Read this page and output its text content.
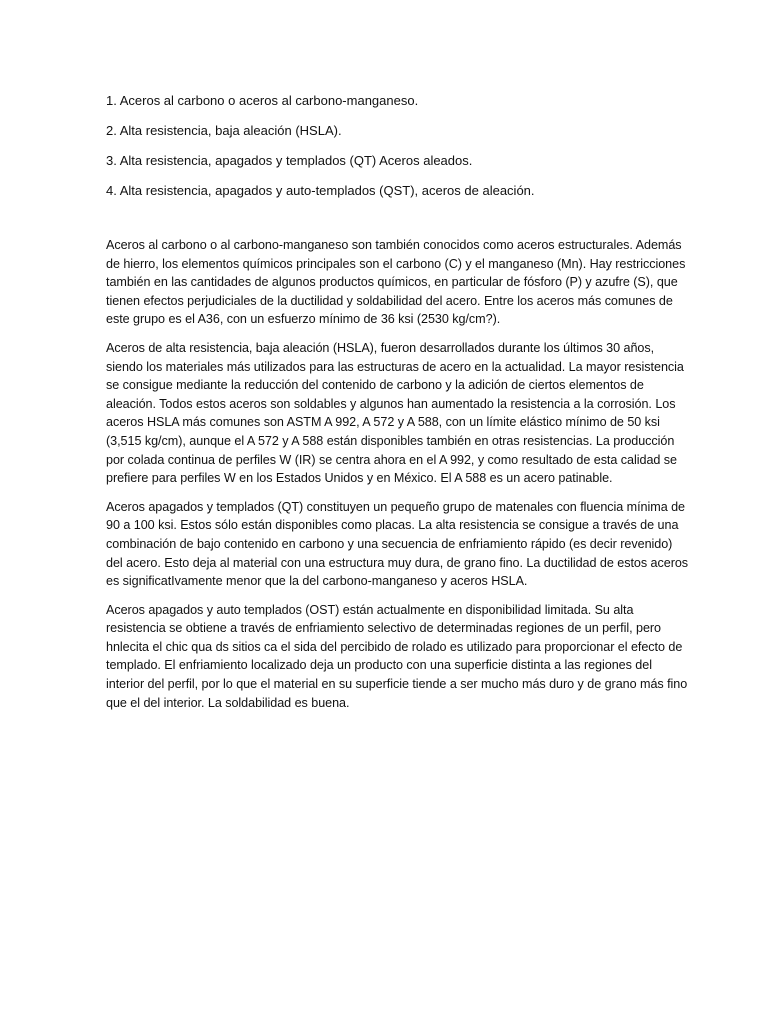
1. Aceros al carbono o aceros al carbono-manganeso.
2. Alta resistencia, baja aleación (HSLA).
3. Alta resistencia, apagados y templados (QT) Aceros aleados.
4. Alta resistencia, apagados y auto-templados (QST), aceros de aleación.

Aceros al carbono o al carbono-manganeso son también conocidos como aceros estructurales. Además de hierro, los elementos químicos principales son el carbono (C) y el manganeso (Mn). Hay restricciones también en las cantidades de algunos productos químicos, en particular de fósforo (P) y azufre (S), que tienen efectos perjudiciales de la ductilidad y soldabilidad del acero. Entre los aceros más comunes de este grupo es el A36, con un esfuerzo mínimo de 36 ksi (2530 kg/cm?).

Aceros de alta resistencia, baja aleación (HSLA), fueron desarrollados durante los últimos 30 años, siendo los materiales más utilizados para las estructuras de acero en la actualidad. La mayor resistencia se consigue mediante la reducción del contenido de carbono y la adición de ciertos elementos de aleación. Todos estos aceros son soldables y algunos han aumentado la resistencia a la corrosión. Los aceros HSLA más comunes son ASTM A 992, A 572 y A 588, con un límite elástico mínimo de 50 ksi (3,515 kg/cm), aunque el A 572 y A 588 están disponibles también en otras resistencias. La producción por colada continua de perfiles W (IR) se centra ahora en el A 992, y como resultado de esta calidad se prefiere para perfiles W en los Estados Unidos y en México. El A 588 es un acero patinable.

Aceros apagados y templados (QT) constituyen un pequeño grupo de matenales con fluencia mínima de 90 a 100 ksi. Estos sólo están disponibles como placas. La alta resistencia se consigue a través de una combinación de bajo contenido en carbono y una secuencia de enfriamiento rápido (es decir revenido) del acero. Esto deja al material con una estructura muy dura, de grano fino. La ductilidad de estos aceros es significatIvamente menor que la del carbono-manganeso y aceros HSLA.

Aceros apagados y auto templados (OST) están actualmente en disponibilidad limitada. Su alta resistencia se obtiene a través de enfriamiento selectivo de determinadas regiones de un perfil, pero hnlecita el chic qua ds sitios ca el sida del percibido de rolado es utilizado para proporcionar el efecto de templado. El enfriamiento localizado deja un producto con una superficie distinta a las regiones del interior del perfil, por lo que el material en su superficie tiende a ser mucho más duro y de grano más fino que el del interior. La soldabilidad es buena.
